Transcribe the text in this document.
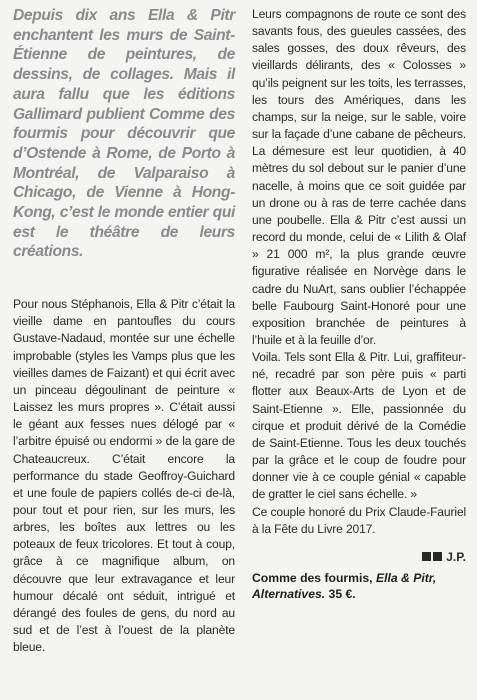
Depuis dix ans Ella & Pitr enchantent les murs de Saint-Étienne de peintures, de dessins, de collages. Mais il aura fallu que les éditions Gallimard publient Comme des fourmis pour découvrir que d’Ostende à Rome, de Porto à Montréal, de Valparaiso à Chicago, de Vienne à Hong-Kong, c’est le monde entier qui est le théâtre de leurs créations.

Pour nous Stéphanois, Ella & Pitr c’était la vieille dame en pantoufles du cours Gustave-Nadaud, montée sur une échelle improbable (styles les Vamps plus que les vieilles dames de Faizant) et qui écrit avec un pinceau dégoulinant de peinture « Laissez les murs propres ». C’était aussi le géant aux fesses nues délogé par « l’arbitre épuisé ou endormi » de la gare de Chateaucreux. C’était encore la performance du stade Geoffroy-Guichard et une foule de papiers collés de-ci de-là, pour tout et pour rien, sur les murs, les arbres, les boîtes aux lettres ou les poteaux de feux tricolores. Et tout à coup, grâce à ce magnifique album, on découvre que leur extravagance et leur humour décalé ont séduit, intrigué et dérangé des foules de gens, du nord au sud et de l’est à l’ouest de la planète bleue.

Leurs compagnons de route ce sont des savants fous, des gueules cassées, des sales gosses, des doux rêveurs, des vieillards délirants, des « Colosses » qu’ils peignent sur les toits, les terrasses, les tours des Amériques, dans les champs, sur la neige, sur le sable, voire sur la façade d’une cabane de pêcheurs. La démesure est leur quotidien, à 40 mètres du sol debout sur le panier d’une nacelle, à moins que ce soit guidée par un drone ou à ras de terre cachée dans une poubelle. Ella & Pitr c’est aussi un record du monde, celui de « Lilith & Olaf » 21 000 m², la plus grande œuvre figurative réalisée en Norvège dans le cadre du NuArt, sans oublier l’échappée belle Faubourg Saint-Honoré pour une exposition branchée de peintures à l’huile et à la feuille d’or.

Voila. Tels sont Ella & Pitr. Lui, graffiteur-né, recadré par son père puis « parti flotter aux Beaux-Arts de Lyon et de Saint-Etienne ». Elle, passionnée du cirque et produit dérivé de la Comédie de Saint-Etienne. Tous les deux touchés par la grâce et le coup de foudre pour donner vie à ce couple génial « capable de gratter le ciel sans échelle. »

Ce couple honoré du Prix Claude-Fauriel à la Fête du Livre 2017.

J.P.

Comme des fourmis, Ella & Pitr,
Alternatives. 35 €.
